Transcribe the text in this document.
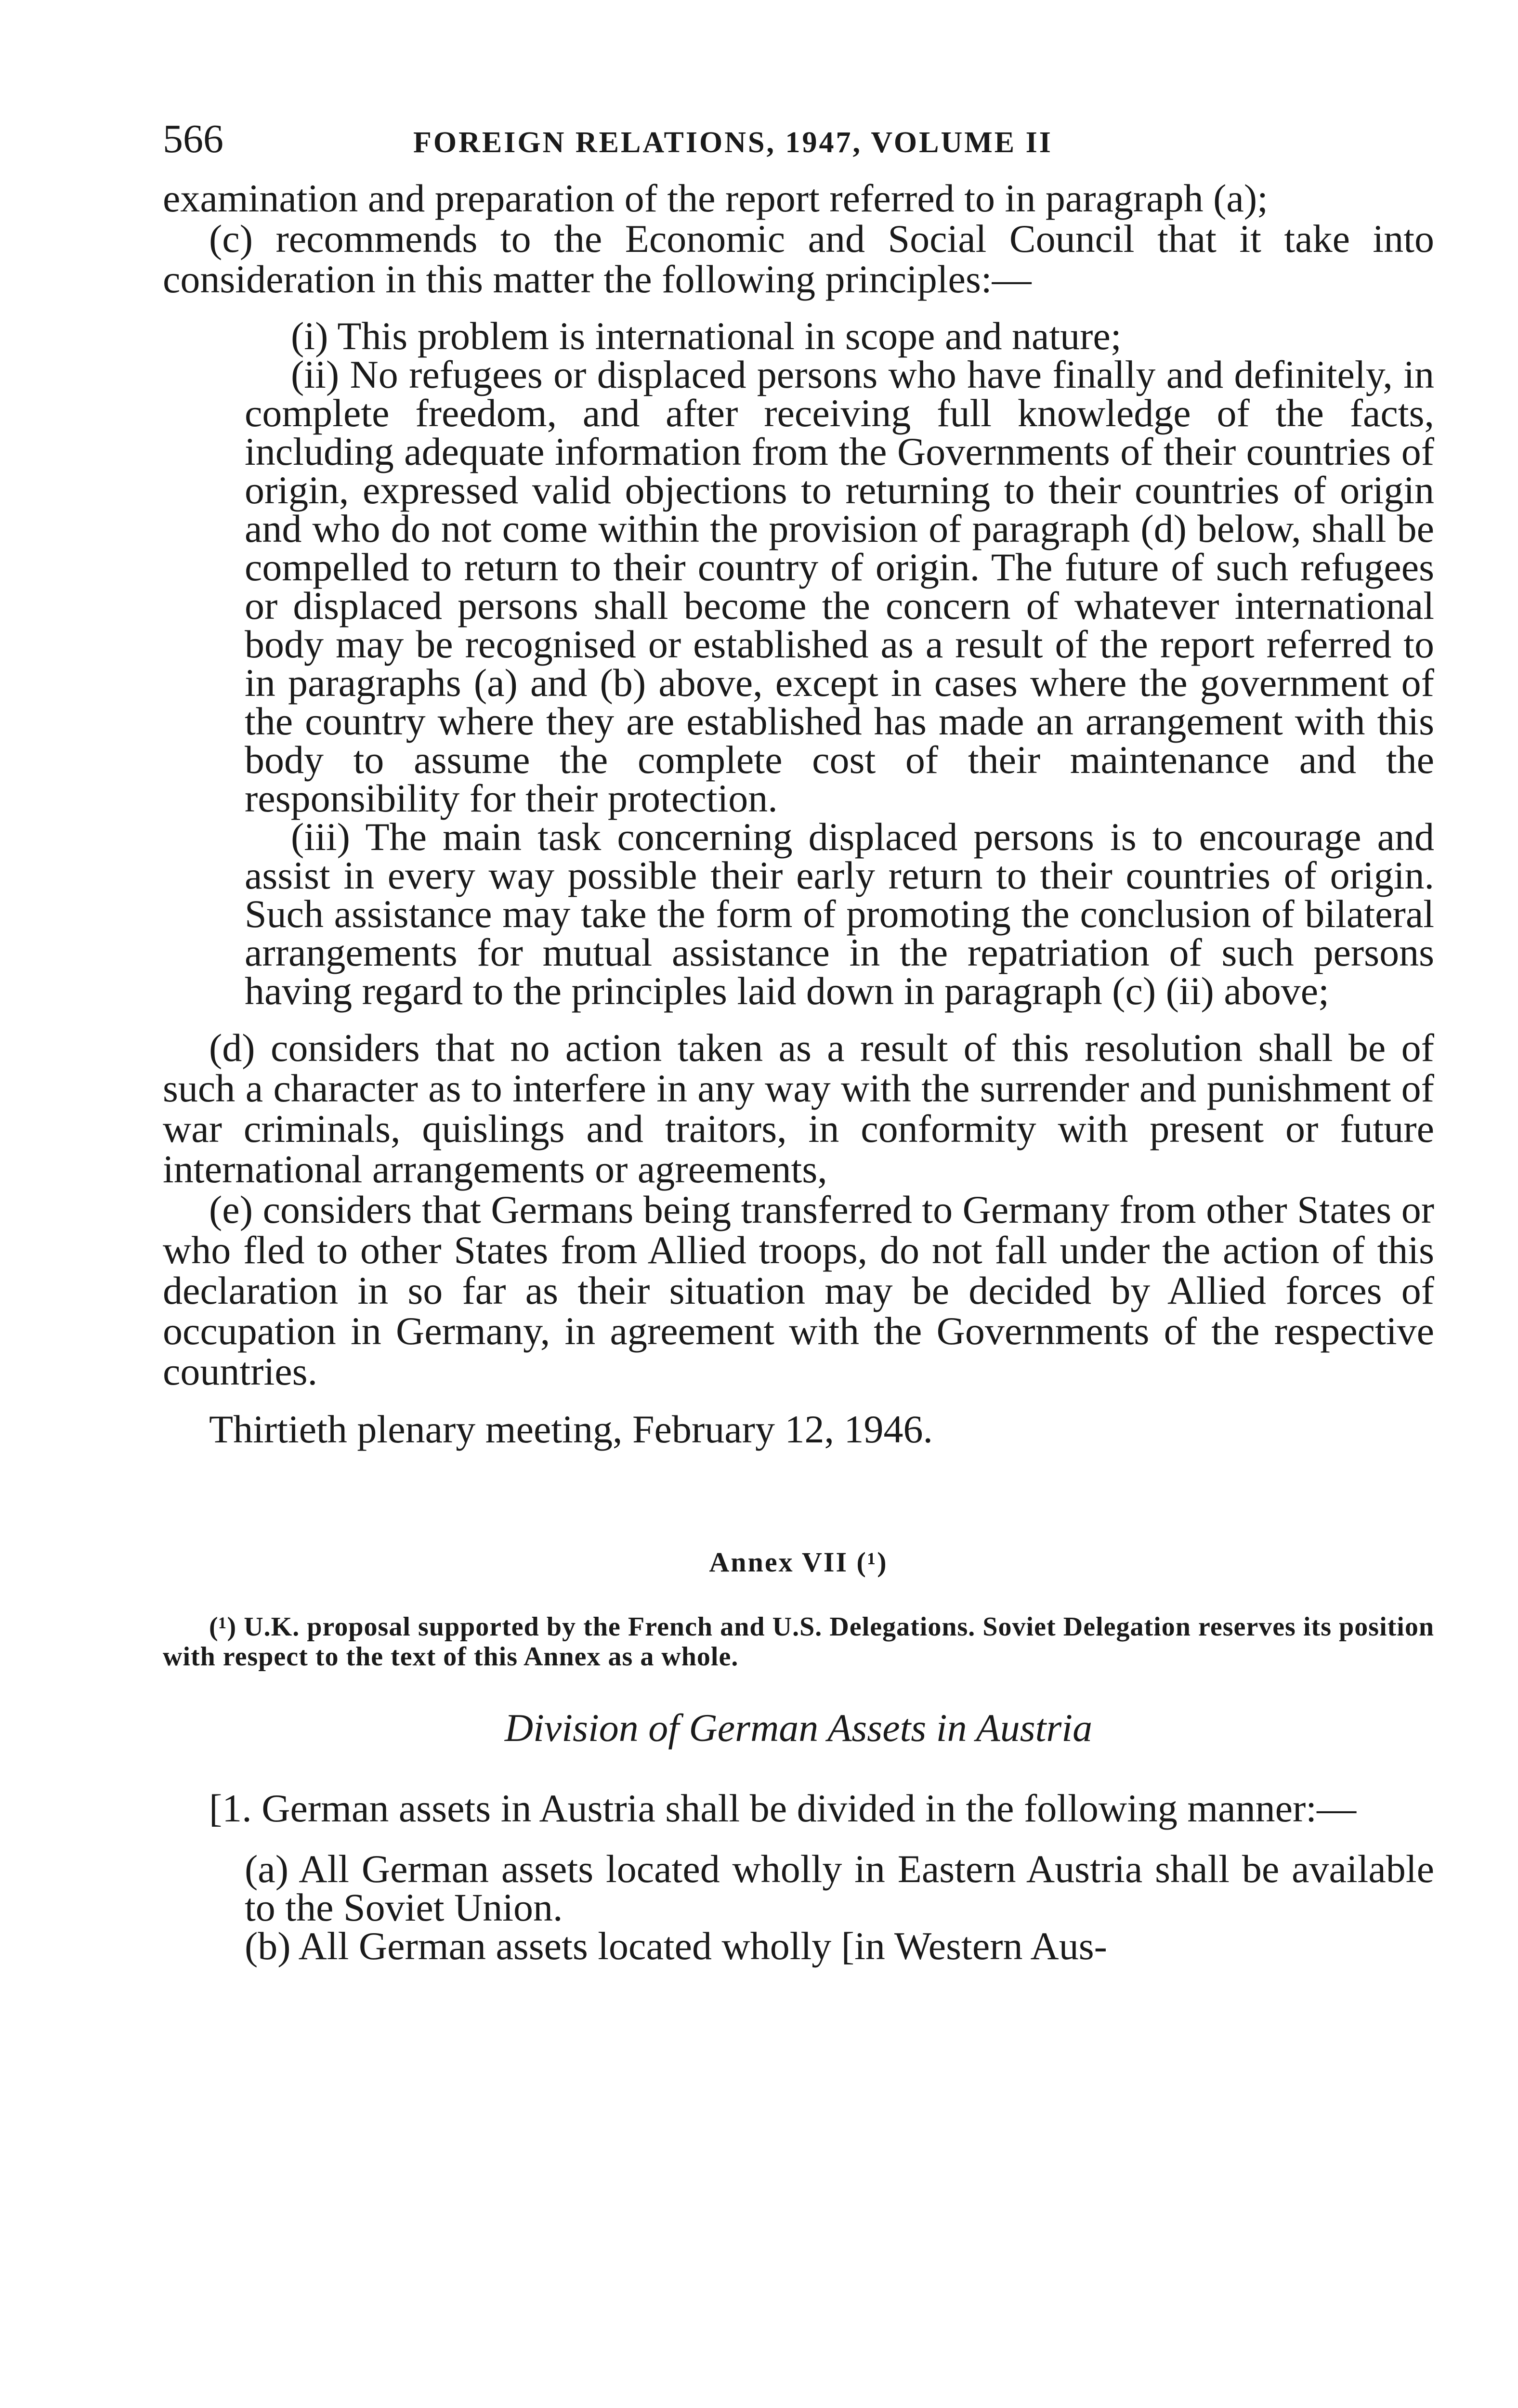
566	FOREIGN RELATIONS, 1947, VOLUME II

examination and preparation of the report referred to in paragraph (a);

(c) recommends to the Economic and Social Council that it take into consideration in this matter the following principles:—

(i) This problem is international in scope and nature;

(ii) No refugees or displaced persons who have finally and definitely, in complete freedom, and after receiving full knowledge of the facts, including adequate information from the Governments of their countries of origin, expressed valid objections to returning to their countries of origin and who do not come within the provision of paragraph (d) below, shall be compelled to return to their country of origin. The future of such refugees or displaced persons shall become the concern of whatever international body may be recognised or established as a result of the report referred to in paragraphs (a) and (b) above, except in cases where the government of the country where they are established has made an arrangement with this body to assume the complete cost of their maintenance and the responsibility for their protection.

(iii) The main task concerning displaced persons is to encourage and assist in every way possible their early return to their countries of origin. Such assistance may take the form of promoting the conclusion of bilateral arrangements for mutual assistance in the repatriation of such persons having regard to the principles laid down in paragraph (c) (ii) above;

(d) considers that no action taken as a result of this resolution shall be of such a character as to interfere in any way with the surrender and punishment of war criminals, quislings and traitors, in conformity with present or future international arrangements or agreements,

(e) considers that Germans being transferred to Germany from other States or who fled to other States from Allied troops, do not fall under the action of this declaration in so far as their situation may be decided by Allied forces of occupation in Germany, in agreement with the Governments of the respective countries.

Thirtieth plenary meeting, February 12, 1946.

Annex VII (¹)

(¹) U.K. proposal supported by the French and U.S. Delegations. Soviet Delegation reserves its position with respect to the text of this Annex as a whole.

Division of German Assets in Austria

[1. German assets in Austria shall be divided in the following manner:—

(a) All German assets located wholly in Eastern Austria shall be available to the Soviet Union.

(b) All German assets located wholly [in Western Aus-
